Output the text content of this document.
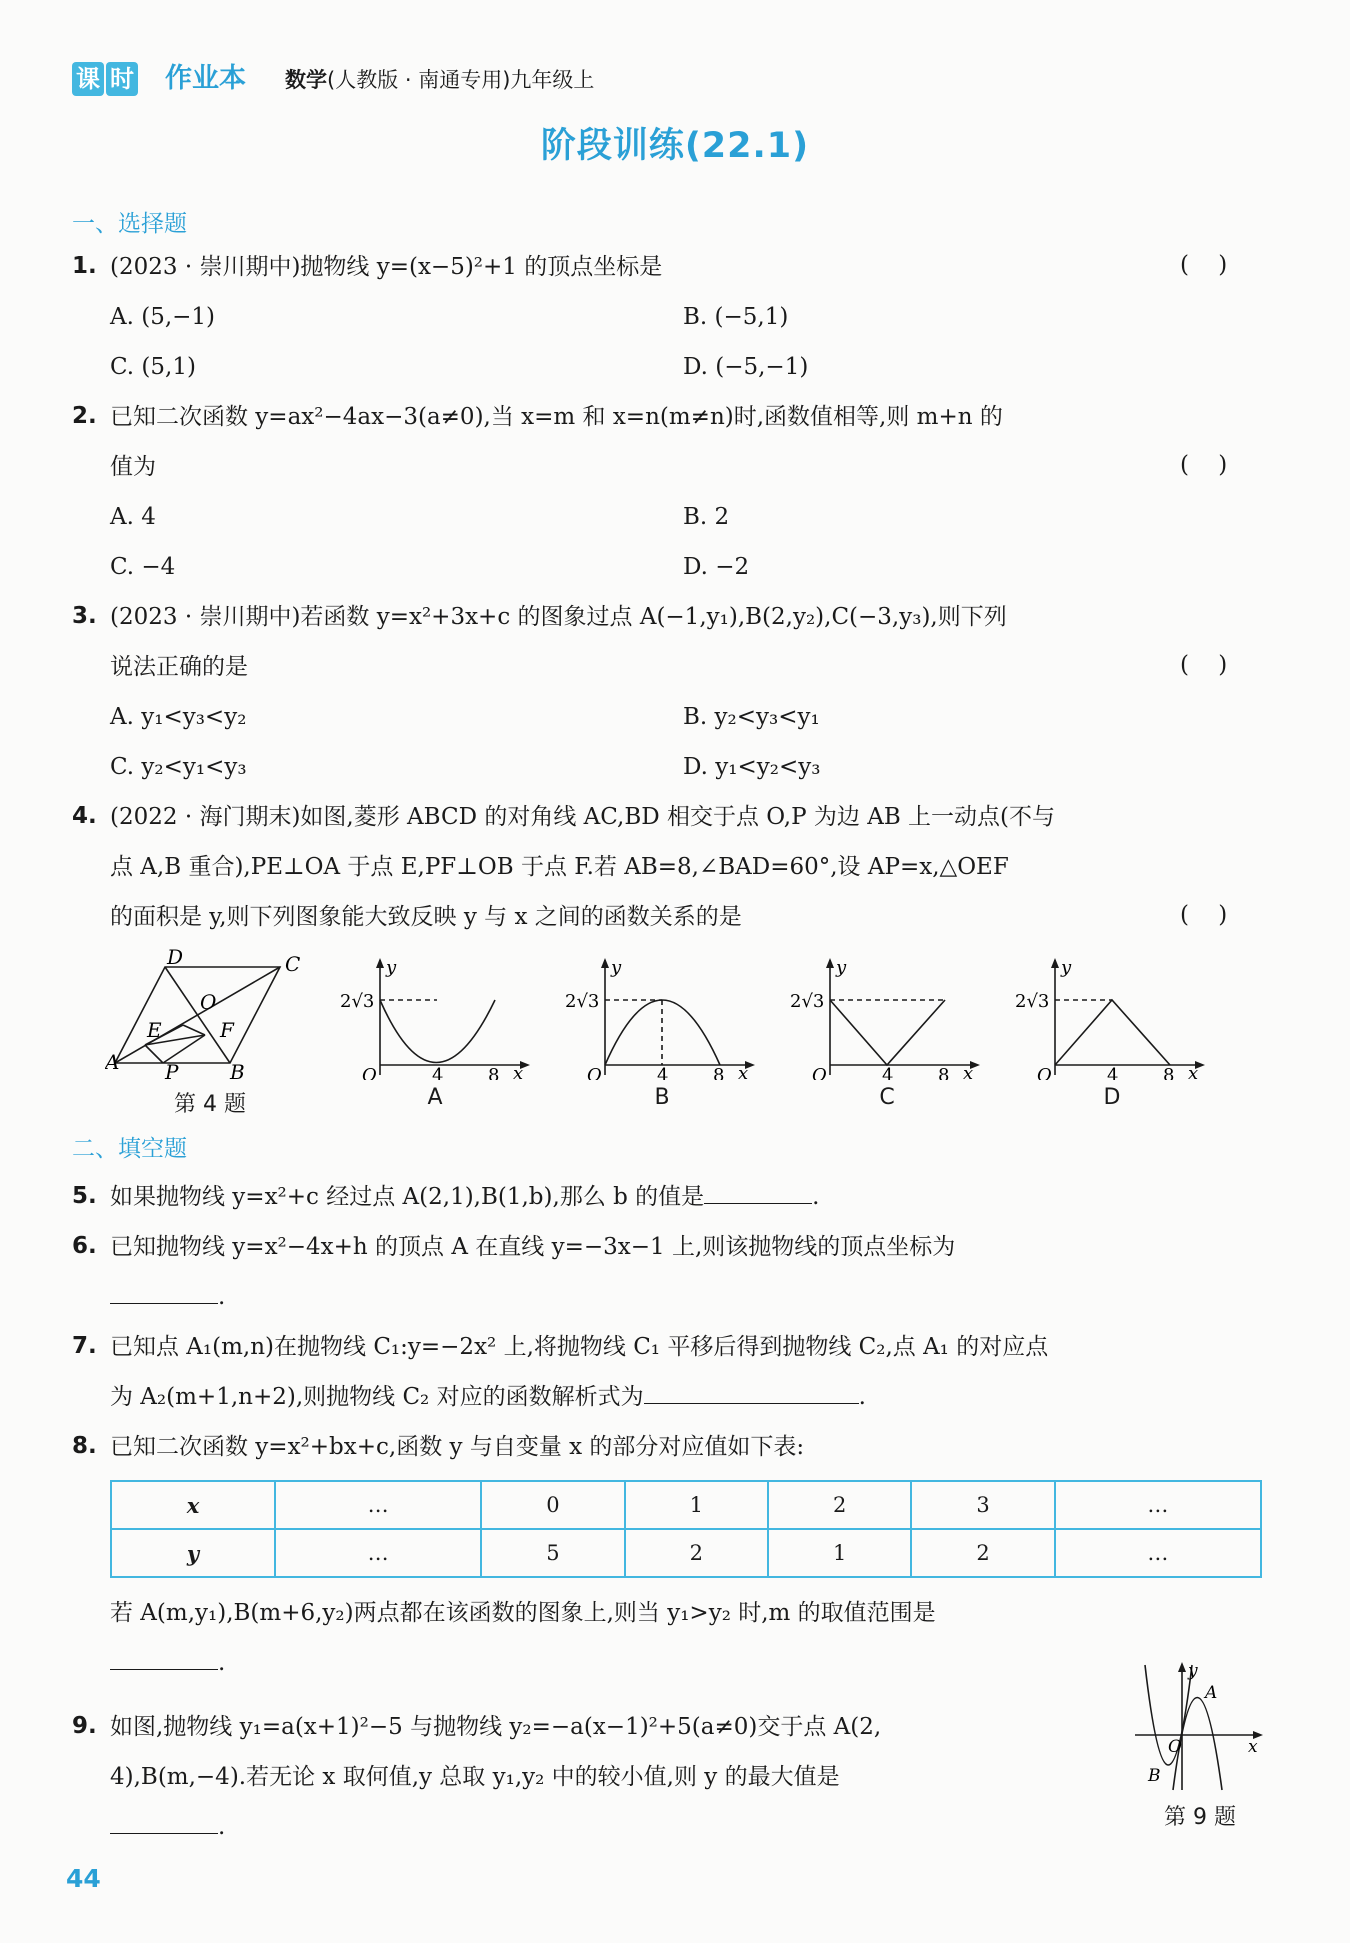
课 时 作业本 数学(人教版 · 南通专用)九年级上
阶段训练(22.1)
一、选择题
1. (2023 · 崇川期中)抛物线 y=(x−5)²+1 的顶点坐标是	(    )
A. (5,−1)	B. (−5,1)
C. (5,1)	D. (−5,−1)
2. 已知二次函数 y=ax²−4ax−3(a≠0),当 x=m 和 x=n(m≠n)时,函数值相等,则 m+n 的
值为	(    )
A. 4	B. 2
C. −4	D. −2
3. (2023 · 崇川期中)若函数 y=x²+3x+c 的图象过点 A(−1,y₁),B(2,y₂),C(−3,y₃),则下列
说法正确的是	(    )
A. y₁<y₃<y₂	B. y₂<y₃<y₁
C. y₂<y₁<y₃	D. y₁<y₂<y₃
4. (2022 · 海门期末)如图,菱形 ABCD 的对角线 AC,BD 相交于点 O,P 为边 AB 上一动点(不与
点 A,B 重合),PE⊥OA 于点 E,PF⊥OB 于点 F.若 AB=8,∠BAD=60°,设 AP=x,△OEF
的面积是 y,则下列图象能大致反映 y 与 x 之间的函数关系的是	(    )
D	C
O
E	F
A P	B
第 4 题
y
2√3
O	4 8 x
A
y
2√3
O	4 8 x
B
y
2√3
O	4 8 x
C
y
2√3
O	4 8 x
D
二、填空题
5. 如果抛物线 y=x²+c 经过点 A(2,1),B(1,b),那么 b 的值是	.
6. 已知抛物线 y=x²−4x+h 的顶点 A 在直线 y=−3x−1 上,则该抛物线的顶点坐标为
.
7. 已知点 A₁(m,n)在抛物线 C₁:y=−2x² 上,将抛物线 C₁ 平移后得到抛物线 C₂,点 A₁ 的对应点
为 A₂(m+1,n+2),则抛物线 C₂ 对应的函数解析式为	.
8. 已知二次函数 y=x²+bx+c,函数 y 与自变量 x 的部分对应值如下表:
x	…	0	1	2	3	…
y	…	5	2	1	2	…
若 A(m,y₁),B(m+6,y₂)两点都在该函数的图象上,则当 y₁>y₂ 时,m 的取值范围是
.
9. 如图,抛物线 y₁=a(x+1)²−5 与抛物线 y₂=−a(x−1)²+5(a≠0)交于点 A(2,
4),B(m,−4).若无论 x 取何值,y 总取 y₁,y₂ 中的较小值,则 y 的最大值是
.
y
x
O
A
B
第 9 题
44
